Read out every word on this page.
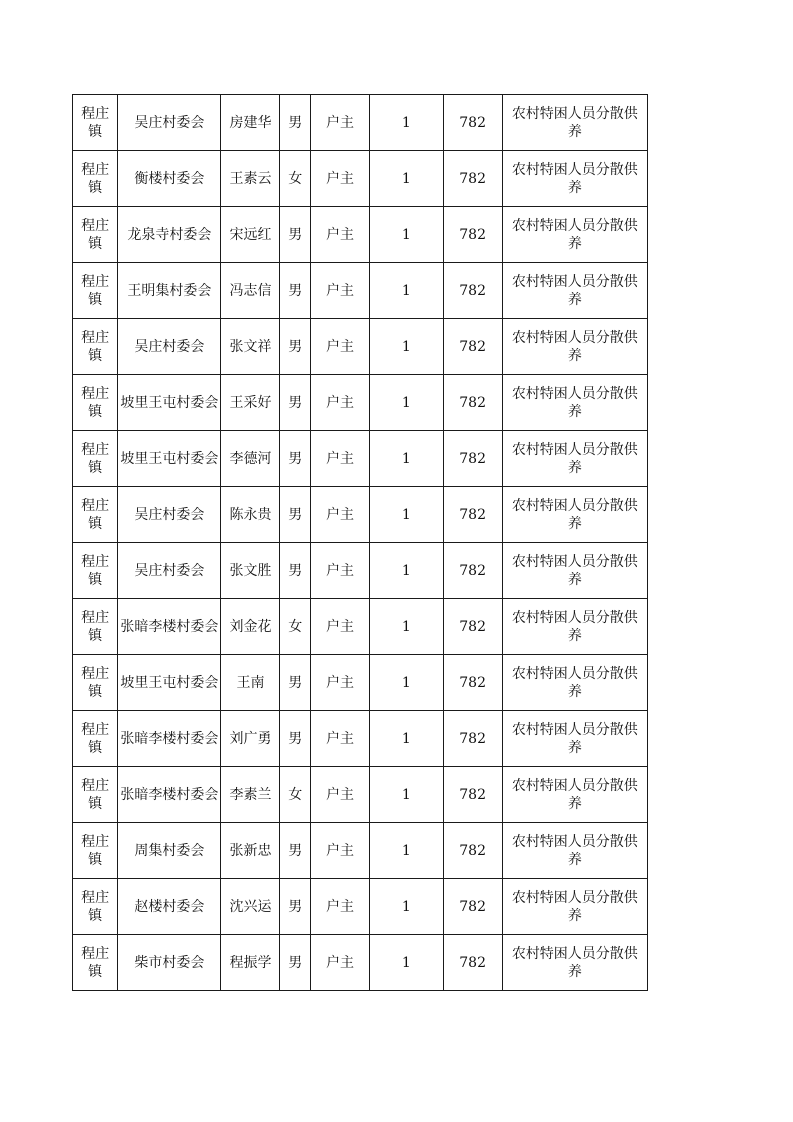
程庄镇	吴庄村委会	房建华	男	户主	1	782	农村特困人员分散供养
程庄镇	衡楼村委会	王素云	女	户主	1	782	农村特困人员分散供养
程庄镇	龙泉寺村委会	宋远红	男	户主	1	782	农村特困人员分散供养
程庄镇	王明集村委会	冯志信	男	户主	1	782	农村特困人员分散供养
程庄镇	吴庄村委会	张文祥	男	户主	1	782	农村特困人员分散供养
程庄镇	坡里王屯村委会	王采好	男	户主	1	782	农村特困人员分散供养
程庄镇	坡里王屯村委会	李德河	男	户主	1	782	农村特困人员分散供养
程庄镇	吴庄村委会	陈永贵	男	户主	1	782	农村特困人员分散供养
程庄镇	吴庄村委会	张文胜	男	户主	1	782	农村特困人员分散供养
程庄镇	张暗李楼村委会	刘金花	女	户主	1	782	农村特困人员分散供养
程庄镇	坡里王屯村委会	王南	男	户主	1	782	农村特困人员分散供养
程庄镇	张暗李楼村委会	刘广勇	男	户主	1	782	农村特困人员分散供养
程庄镇	张暗李楼村委会	李素兰	女	户主	1	782	农村特困人员分散供养
程庄镇	周集村委会	张新忠	男	户主	1	782	农村特困人员分散供养
程庄镇	赵楼村委会	沈兴运	男	户主	1	782	农村特困人员分散供养
程庄镇	柴市村委会	程振学	男	户主	1	782	农村特困人员分散供养
